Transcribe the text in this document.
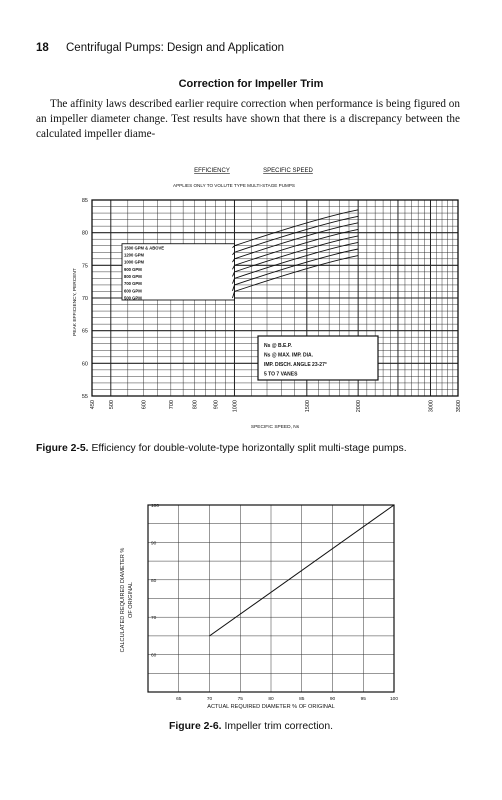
18 Centrifugal Pumps: Design and Application
Correction for Impeller Trim

The affinity laws described earlier require correction when performance is being figured on an impeller diameter change. Test results have shown that there is a discrepancy between the calculated impeller diame-

EFFICIENCY	SPECIFIC SPEED
APPLIES ONLY TO VOLUTE TYPE MULTI-STAGE PUMPS
55
60
65
70
75
80
85
450 500	600	700	800	900 1000	1500	2000	3000	3500
SPECIFIC SPEED, Ns
PEAK EFFICIENCY, PERCENT
1500 GPM & ABOVE
1200 GPM
1000 GPM
900 GPM
800 GPM
700 GPM
600 GPM
500 GPM
Ns @ B.E.P.
Ns @ MAX. IMP. DIA.
IMP. DISCH. ANGLE 23-27°
5 TO 7 VANES
60
70
80
90
100
65	70	75	80	85	90	95	100
ACTUAL REQUIRED DIAMETER % OF ORIGINAL
CALCULATED REQUIRED DIAMETER % OF ORIGINAL

Figure 2-5. Efficiency for double-volute-type horizontally split multi-stage pumps.

Figure 2-6. Impeller trim correction.
